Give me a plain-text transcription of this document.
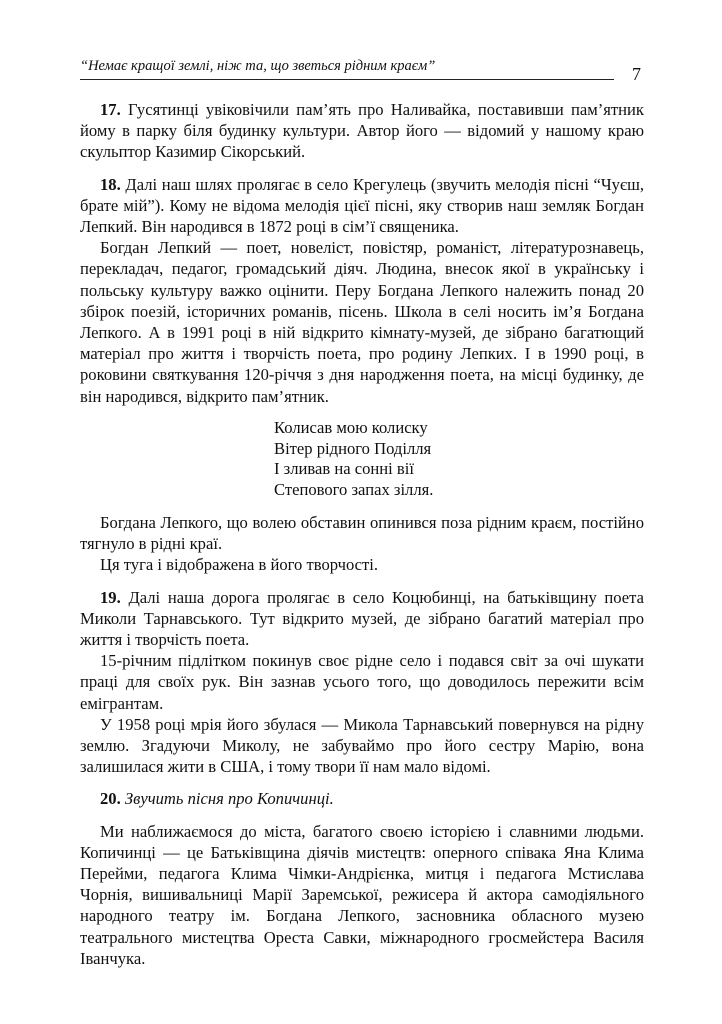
“Немає кращої землі, ніж та, що зветься рідним краєм”	7

17. Гусятинці увіковічили пам’ять про Наливайка, поставивши пам’ятник йому в парку біля будинку культури. Автор його — відомий у нашому краю скульптор Казимир Сікорський.

18. Далі наш шлях пролягає в село Крегулець (звучить мелодія пісні “Чуєш, брате мій”). Кому не відома мелодія цієї пісні, яку створив наш земляк Богдан Лепкий. Він народився в 1872 році в сім’ї священика.

Богдан Лепкий — поет, новеліст, повістяр, романіст, літературознавець, перекладач, педагог, громадський діяч. Людина, внесок якої в українську і польську культуру важко оцінити. Перу Богдана Лепкого належить понад 20 збірок поезій, історичних романів, пісень. Школа в селі носить ім’я Богдана Лепкого. А в 1991 році в ній відкрито кімнату-музей, де зібрано багатющий матеріал про життя і творчість поета, про родину Лепких. І в 1990 році, в роковини святкування 120-річчя з дня народження поета, на місці будинку, де він народився, відкрито пам’ятник.

Колисав мою колиску
Вітер рідного Поділля
І зливав на сонні вії
Степового запах зілля.

Богдана Лепкого, що волею обставин опинився поза рідним краєм, постійно тягнуло в рідні краї.

Ця туга і відображена в його творчості.

19. Далі наша дорога пролягає в село Коцюбинці, на батьківщину поета Миколи Тарнавського. Тут відкрито музей, де зібрано багатий матеріал про життя і творчість поета.

15-річним підлітком покинув своє рідне село і подався світ за очі шукати праці для своїх рук. Він зазнав усього того, що доводилось пережити всім емігрантам.

У 1958 році мрія його збулася — Микола Тарнавський повернувся на рідну землю. Згадуючи Миколу, не забуваймо про його сестру Марію, вона залишилася жити в США, і тому твори її нам мало відомі.

20. Звучить пісня про Копичинці.

Ми наближаємося до міста, багатого своєю історією і славними людьми. Копичинці — це Батьківщина діячів мистецтв: оперного співака Яна Клима Перейми, педагога Клима Чімки-Андрієнка, митця і педагога Мстислава Чорнія, вишивальниці Марії Заремської, режисера й актора самодіяльного народного театру ім. Богдана Лепкого, засновника обласного музею театрального мистецтва Ореста Савки, міжнародного гросмейстера Василя Іванчука.
